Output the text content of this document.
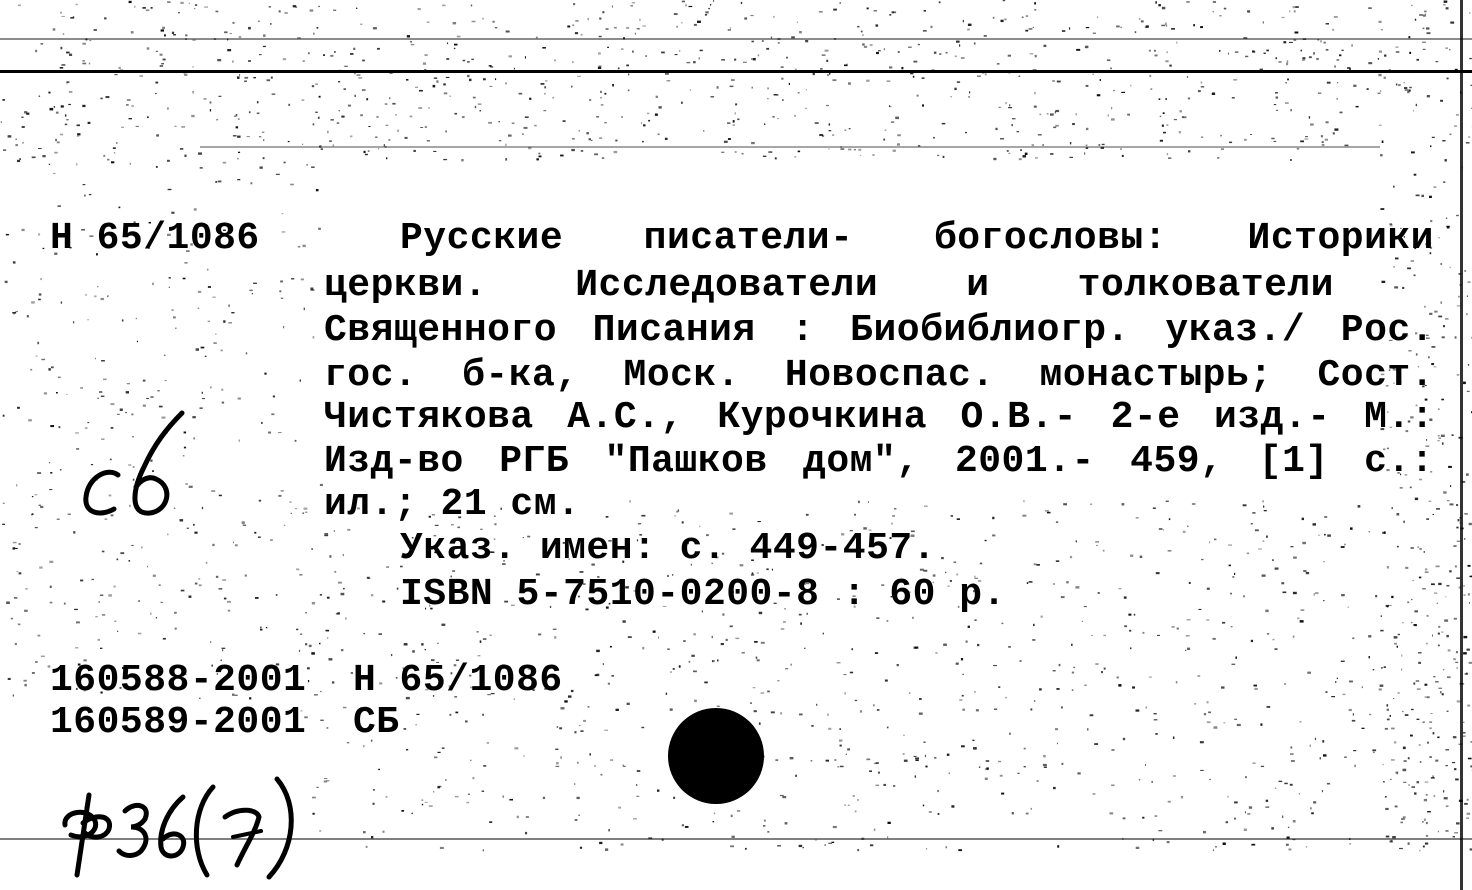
Н 65/1086	Русские писатели- богословы: Историки
церкви. Исследователи и толкователи
Священного Писания : Биобиблиогр. указ./ Рос.
гос. б-ка, Моск. Новоспас. монастырь; Сост.
Чистякова А.С., Курочкина О.В.- 2-е изд.- М.:
Изд-во РГБ "Пашков дом", 2001.- 459, [1] с.:
ил.; 21 см.
Указ. имен: с. 449-457.
ISBN 5-7510-0200-8 : 60 р.
160588-2001  Н 65/1086
160589-2001  СБ
